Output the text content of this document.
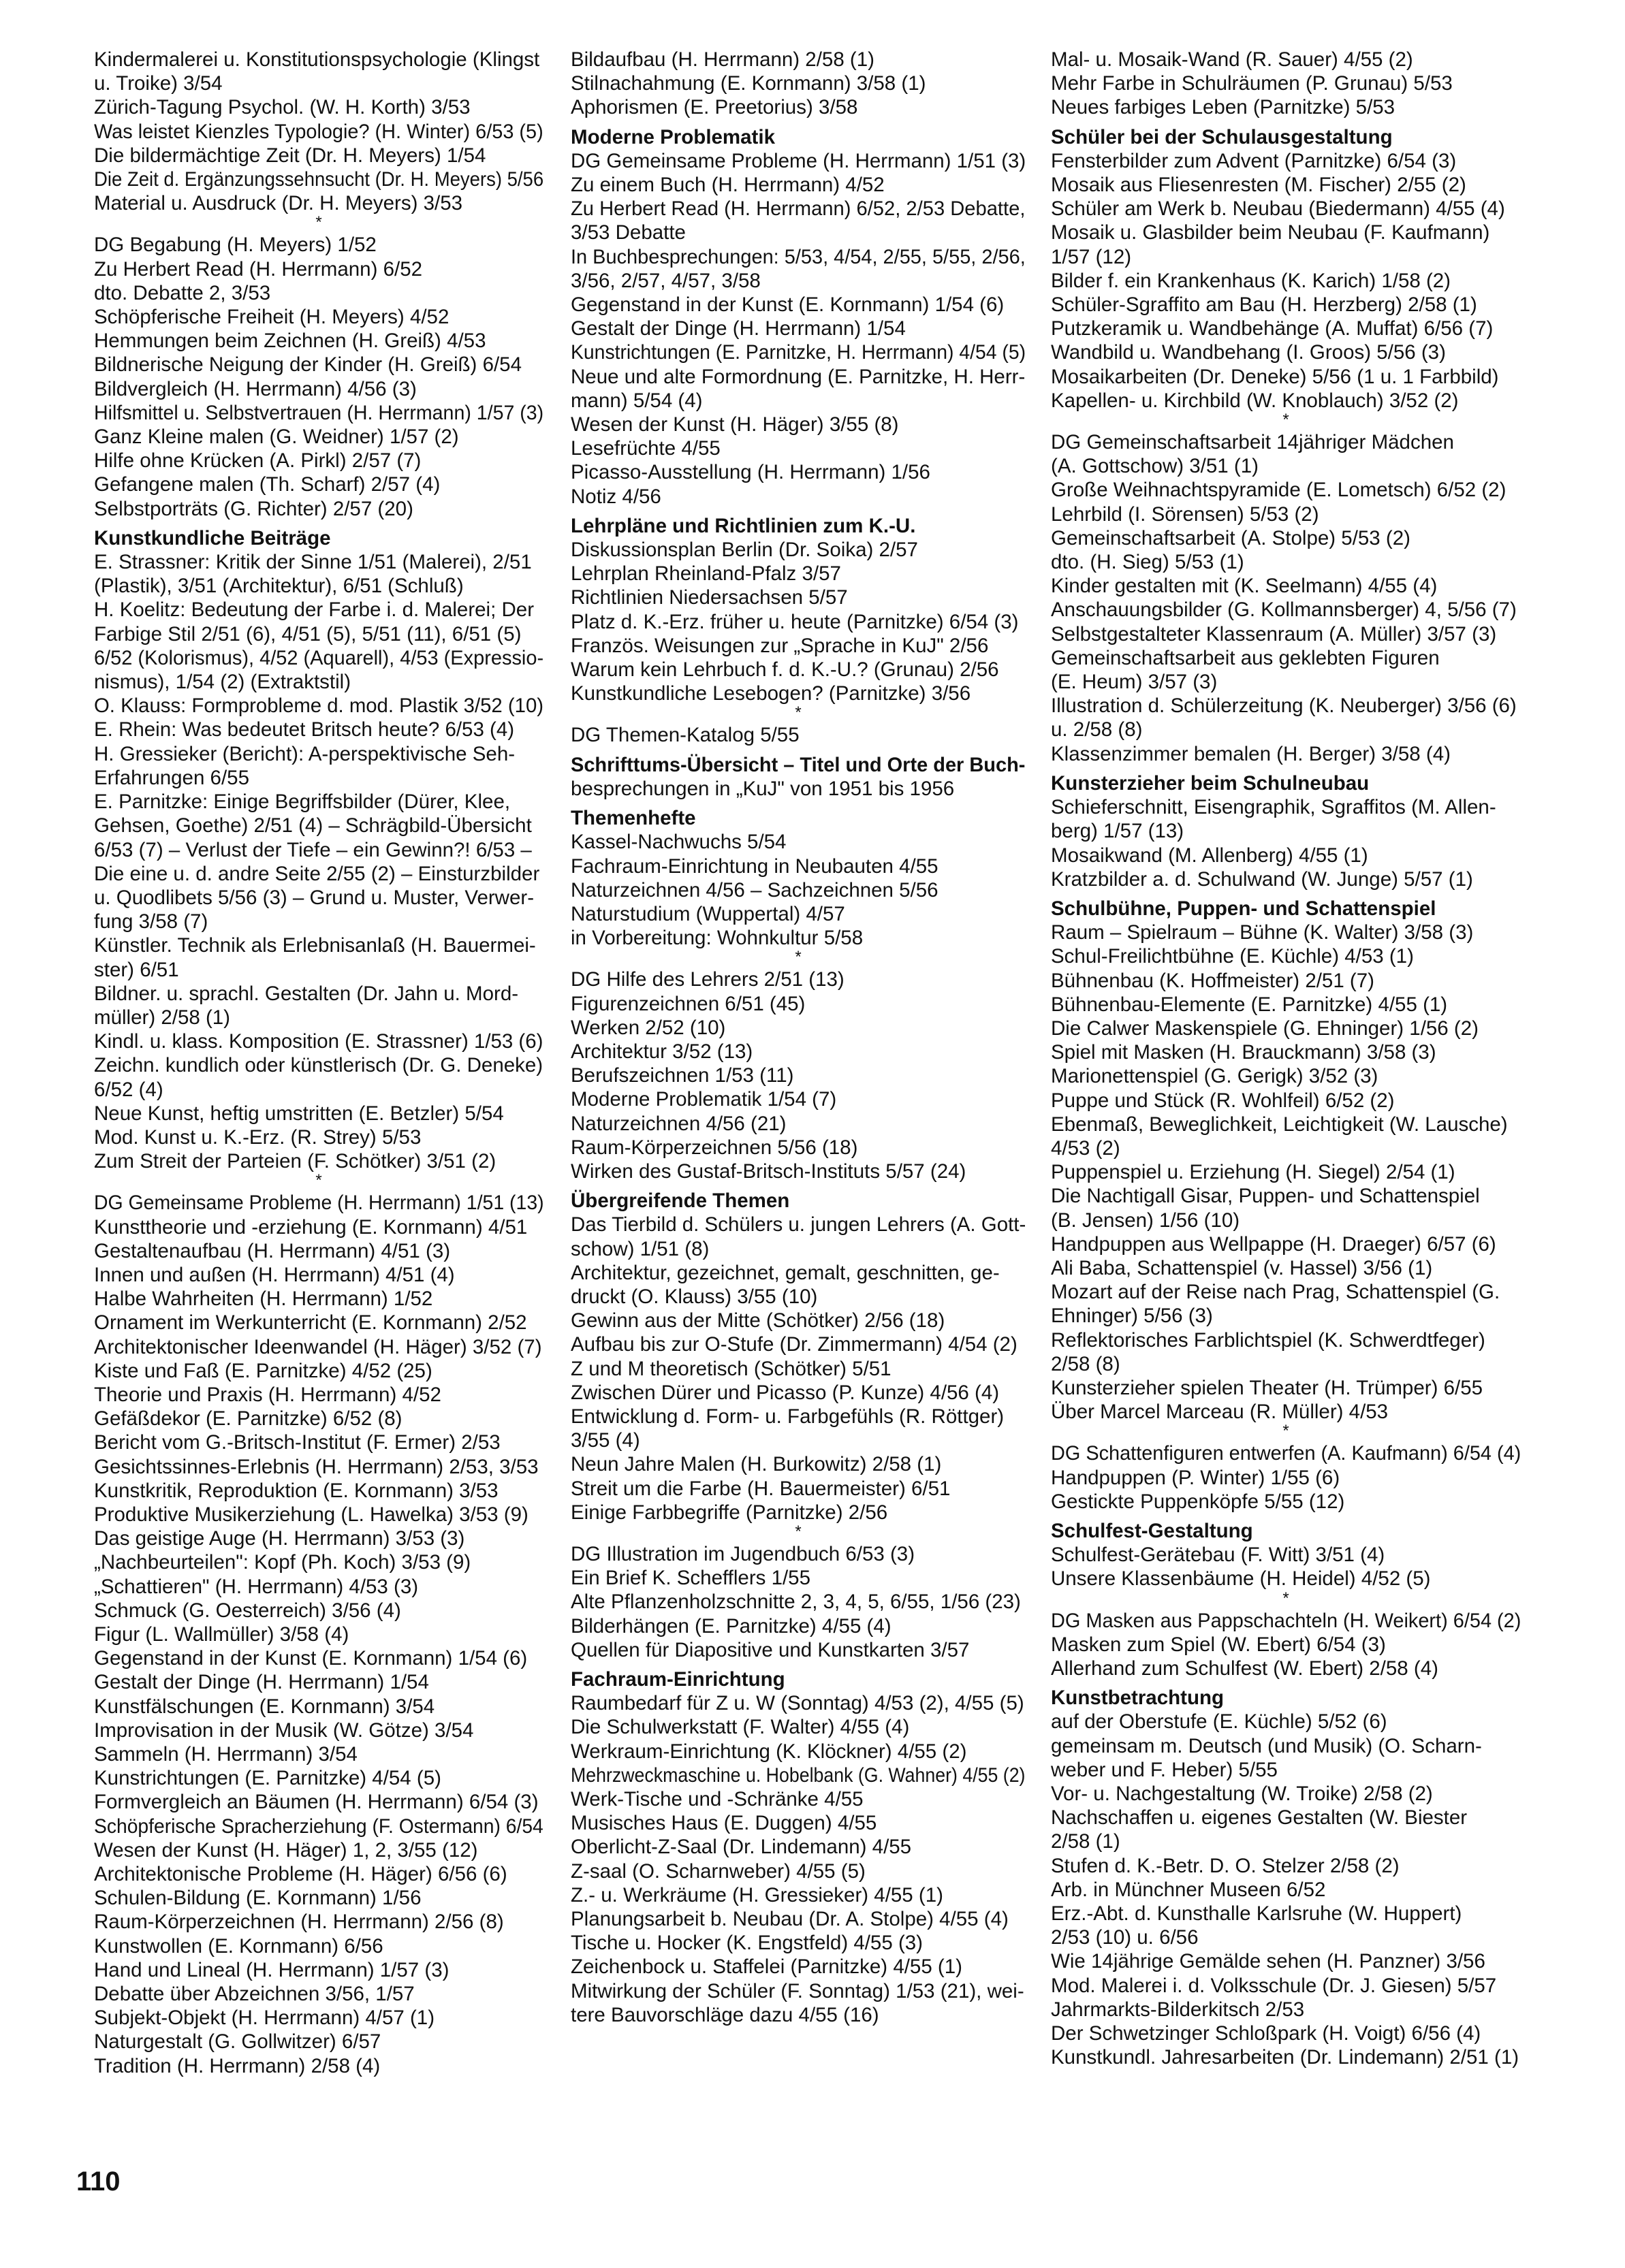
Kindermalerei u. Konstitutionspsychologie (Klingst
u. Troike) 3/54
Zürich-Tagung Psychol. (W. H. Korth) 3/53
Was leistet Kienzles Typologie? (H. Winter) 6/53 (5)
Die bildermächtige Zeit (Dr. H. Meyers) 1/54
Die Zeit d. Ergänzungssehnsucht (Dr. H. Meyers) 5/56
Material u. Ausdruck (Dr. H. Meyers) 3/53
*
DG Begabung (H. Meyers) 1/52
Zu Herbert Read (H. Herrmann) 6/52
dto. Debatte 2, 3/53
Schöpferische Freiheit (H. Meyers) 4/52
Hemmungen beim Zeichnen (H. Greiß) 4/53
Bildnerische Neigung der Kinder (H. Greiß) 6/54
Bildvergleich (H. Herrmann) 4/56 (3)
Hilfsmittel u. Selbstvertrauen (H. Herrmann) 1/57 (3)
Ganz Kleine malen (G. Weidner) 1/57 (2)
Hilfe ohne Krücken (A. Pirkl) 2/57 (7)
Gefangene malen (Th. Scharf) 2/57 (4)
Selbstporträts (G. Richter) 2/57 (20)
Kunstkundliche Beiträge
E. Strassner: Kritik der Sinne 1/51 (Malerei), 2/51
(Plastik), 3/51 (Architektur), 6/51 (Schluß)
H. Koelitz: Bedeutung der Farbe i. d. Malerei; Der
Farbige Stil 2/51 (6), 4/51 (5), 5/51 (11), 6/51 (5)
6/52 (Kolorismus), 4/52 (Aquarell), 4/53 (Expressio-
nismus), 1/54 (2) (Extraktstil)
O. Klauss: Formprobleme d. mod. Plastik 3/52 (10)
E. Rhein: Was bedeutet Britsch heute? 6/53 (4)
H. Gressieker (Bericht): A-perspektivische Seh-
Erfahrungen 6/55
E. Parnitzke: Einige Begriffsbilder (Dürer, Klee,
Gehsen, Goethe) 2/51 (4) – Schrägbild-Übersicht
6/53 (7) – Verlust der Tiefe – ein Gewinn?! 6/53 –
Die eine u. d. andre Seite 2/55 (2) – Einsturzbilder
u. Quodlibets 5/56 (3) – Grund u. Muster, Verwer-
fung 3/58 (7)
Künstler. Technik als Erlebnisanlaß (H. Bauermei-
ster) 6/51
Bildner. u. sprachl. Gestalten (Dr. Jahn u. Mord-
müller) 2/58 (1)
Kindl. u. klass. Komposition (E. Strassner) 1/53 (6)
Zeichn. kundlich oder künstlerisch (Dr. G. Deneke)
6/52 (4)
Neue Kunst, heftig umstritten (E. Betzler) 5/54
Mod. Kunst u. K.-Erz. (R. Strey) 5/53
Zum Streit der Parteien (F. Schötker) 3/51 (2)
*
DG Gemeinsame Probleme (H. Herrmann) 1/51 (13)
Kunsttheorie und -erziehung (E. Kornmann) 4/51
Gestaltenaufbau (H. Herrmann) 4/51 (3)
Innen und außen (H. Herrmann) 4/51 (4)
Halbe Wahrheiten (H. Herrmann) 1/52
Ornament im Werkunterricht (E. Kornmann) 2/52
Architektonischer Ideenwandel (H. Häger) 3/52 (7)
Kiste und Faß (E. Parnitzke) 4/52 (25)
Theorie und Praxis (H. Herrmann) 4/52
Gefäßdekor (E. Parnitzke) 6/52 (8)
Bericht vom G.-Britsch-Institut (F. Ermer) 2/53
Gesichtssinnes-Erlebnis (H. Herrmann) 2/53, 3/53
Kunstkritik, Reproduktion (E. Kornmann) 3/53
Produktive Musikerziehung (L. Hawelka) 3/53 (9)
Das geistige Auge (H. Herrmann) 3/53 (3)
„Nachbeurteilen": Kopf (Ph. Koch) 3/53 (9)
„Schattieren" (H. Herrmann) 4/53 (3)
Schmuck (G. Oesterreich) 3/56 (4)
Figur (L. Wallmüller) 3/58 (4)
Gegenstand in der Kunst (E. Kornmann) 1/54 (6)
Gestalt der Dinge (H. Herrmann) 1/54
Kunstfälschungen (E. Kornmann) 3/54
Improvisation in der Musik (W. Götze) 3/54
Sammeln (H. Herrmann) 3/54
Kunstrichtungen (E. Parnitzke) 4/54 (5)
Formvergleich an Bäumen (H. Herrmann) 6/54 (3)
Schöpferische Spracherziehung (F. Ostermann) 6/54
Wesen der Kunst (H. Häger) 1, 2, 3/55 (12)
Architektonische Probleme (H. Häger) 6/56 (6)
Schulen-Bildung (E. Kornmann) 1/56
Raum-Körperzeichnen (H. Herrmann) 2/56 (8)
Kunstwollen (E. Kornmann) 6/56
Hand und Lineal (H. Herrmann) 1/57 (3)
Debatte über Abzeichnen 3/56, 1/57
Subjekt-Objekt (H. Herrmann) 4/57 (1)
Naturgestalt (G. Gollwitzer) 6/57
Tradition (H. Herrmann) 2/58 (4)
Bildaufbau (H. Herrmann) 2/58 (1)
Stilnachahmung (E. Kornmann) 3/58 (1)
Aphorismen (E. Preetorius) 3/58
Moderne Problematik
DG Gemeinsame Probleme (H. Herrmann) 1/51 (3)
Zu einem Buch (H. Herrmann) 4/52
Zu Herbert Read (H. Herrmann) 6/52, 2/53 Debatte,
3/53 Debatte
In Buchbesprechungen: 5/53, 4/54, 2/55, 5/55, 2/56,
3/56, 2/57, 4/57, 3/58
Gegenstand in der Kunst (E. Kornmann) 1/54 (6)
Gestalt der Dinge (H. Herrmann) 1/54
Kunstrichtungen (E. Parnitzke, H. Herrmann) 4/54 (5)
Neue und alte Formordnung (E. Parnitzke, H. Herr-
mann) 5/54 (4)
Wesen der Kunst (H. Häger) 3/55 (8)
Lesefrüchte 4/55
Picasso-Ausstellung (H. Herrmann) 1/56
Notiz 4/56
Lehrpläne und Richtlinien zum K.-U.
Diskussionsplan Berlin (Dr. Soika) 2/57
Lehrplan Rheinland-Pfalz 3/57
Richtlinien Niedersachsen 5/57
Platz d. K.-Erz. früher u. heute (Parnitzke) 6/54 (3)
Französ. Weisungen zur „Sprache in KuJ" 2/56
Warum kein Lehrbuch f. d. K.-U.? (Grunau) 2/56
Kunstkundliche Lesebogen? (Parnitzke) 3/56
*
DG Themen-Katalog 5/55
Schrifttums-Übersicht – Titel und Orte der Buch-
besprechungen in „KuJ" von 1951 bis 1956
Themenhefte
Kassel-Nachwuchs 5/54
Fachraum-Einrichtung in Neubauten 4/55
Naturzeichnen 4/56 – Sachzeichnen 5/56
Naturstudium (Wuppertal) 4/57
in Vorbereitung: Wohnkultur 5/58
*
DG Hilfe des Lehrers 2/51 (13)
Figurenzeichnen 6/51 (45)
Werken 2/52 (10)
Architektur 3/52 (13)
Berufszeichnen 1/53 (11)
Moderne Problematik 1/54 (7)
Naturzeichnen 4/56 (21)
Raum-Körperzeichnen 5/56 (18)
Wirken des Gustaf-Britsch-Instituts 5/57 (24)
Übergreifende Themen
Das Tierbild d. Schülers u. jungen Lehrers (A. Gott-
schow) 1/51 (8)
Architektur, gezeichnet, gemalt, geschnitten, ge-
druckt (O. Klauss) 3/55 (10)
Gewinn aus der Mitte (Schötker) 2/56 (18)
Aufbau bis zur O-Stufe (Dr. Zimmermann) 4/54 (2)
Z und M theoretisch (Schötker) 5/51
Zwischen Dürer und Picasso (P. Kunze) 4/56 (4)
Entwicklung d. Form- u. Farbgefühls (R. Röttger)
3/55 (4)
Neun Jahre Malen (H. Burkowitz) 2/58 (1)
Streit um die Farbe (H. Bauermeister) 6/51
Einige Farbbegriffe (Parnitzke) 2/56
*
DG Illustration im Jugendbuch 6/53 (3)
Ein Brief K. Schefflers 1/55
Alte Pflanzenholzschnitte 2, 3, 4, 5, 6/55, 1/56 (23)
Bilderhängen (E. Parnitzke) 4/55 (4)
Quellen für Diapositive und Kunstkarten 3/57
Fachraum-Einrichtung
Raumbedarf für Z u. W (Sonntag) 4/53 (2), 4/55 (5)
Die Schulwerkstatt (F. Walter) 4/55 (4)
Werkraum-Einrichtung (K. Klöckner) 4/55 (2)
Mehrzweckmaschine u. Hobelbank (G. Wahner) 4/55 (2)
Werk-Tische und -Schränke 4/55
Musisches Haus (E. Duggen) 4/55
Oberlicht-Z-Saal (Dr. Lindemann) 4/55
Z-saal (O. Scharnweber) 4/55 (5)
Z.- u. Werkräume (H. Gressieker) 4/55 (1)
Planungsarbeit b. Neubau (Dr. A. Stolpe) 4/55 (4)
Tische u. Hocker (K. Engstfeld) 4/55 (3)
Zeichenbock u. Staffelei (Parnitzke) 4/55 (1)
Mitwirkung der Schüler (F. Sonntag) 1/53 (21), wei-
tere Bauvorschläge dazu 4/55 (16)
Mal- u. Mosaik-Wand (R. Sauer) 4/55 (2)
Mehr Farbe in Schulräumen (P. Grunau) 5/53
Neues farbiges Leben (Parnitzke) 5/53
Schüler bei der Schulausgestaltung
Fensterbilder zum Advent (Parnitzke) 6/54 (3)
Mosaik aus Fliesenresten (M. Fischer) 2/55 (2)
Schüler am Werk b. Neubau (Biedermann) 4/55 (4)
Mosaik u. Glasbilder beim Neubau (F. Kaufmann)
1/57 (12)
Bilder f. ein Krankenhaus (K. Karich) 1/58 (2)
Schüler-Sgraffito am Bau (H. Herzberg) 2/58 (1)
Putzkeramik u. Wandbehänge (A. Muffat) 6/56 (7)
Wandbild u. Wandbehang (I. Groos) 5/56 (3)
Mosaikarbeiten (Dr. Deneke) 5/56 (1 u. 1 Farbbild)
Kapellen- u. Kirchbild (W. Knoblauch) 3/52 (2)
*
DG Gemeinschaftsarbeit 14jähriger Mädchen
(A. Gottschow) 3/51 (1)
Große Weihnachtspyramide (E. Lometsch) 6/52 (2)
Lehrbild (I. Sörensen) 5/53 (2)
Gemeinschaftsarbeit (A. Stolpe) 5/53 (2)
dto. (H. Sieg) 5/53 (1)
Kinder gestalten mit (K. Seelmann) 4/55 (4)
Anschauungsbilder (G. Kollmannsberger) 4, 5/56 (7)
Selbstgestalteter Klassenraum (A. Müller) 3/57 (3)
Gemeinschaftsarbeit aus geklebten Figuren
(E. Heum) 3/57 (3)
Illustration d. Schülerzeitung (K. Neuberger) 3/56 (6)
u. 2/58 (8)
Klassenzimmer bemalen (H. Berger) 3/58 (4)
Kunsterzieher beim Schulneubau
Schieferschnitt, Eisengraphik, Sgraffitos (M. Allen-
berg) 1/57 (13)
Mosaikwand (M. Allenberg) 4/55 (1)
Kratzbilder a. d. Schulwand (W. Junge) 5/57 (1)
Schulbühne, Puppen- und Schattenspiel
Raum – Spielraum – Bühne (K. Walter) 3/58 (3)
Schul-Freilichtbühne (E. Küchle) 4/53 (1)
Bühnenbau (K. Hoffmeister) 2/51 (7)
Bühnenbau-Elemente (E. Parnitzke) 4/55 (1)
Die Calwer Maskenspiele (G. Ehninger) 1/56 (2)
Spiel mit Masken (H. Brauckmann) 3/58 (3)
Marionettenspiel (G. Gerigk) 3/52 (3)
Puppe und Stück (R. Wohlfeil) 6/52 (2)
Ebenmaß, Beweglichkeit, Leichtigkeit (W. Lausche)
4/53 (2)
Puppenspiel u. Erziehung (H. Siegel) 2/54 (1)
Die Nachtigall Gisar, Puppen- und Schattenspiel
(B. Jensen) 1/56 (10)
Handpuppen aus Wellpappe (H. Draeger) 6/57 (6)
Ali Baba, Schattenspiel (v. Hassel) 3/56 (1)
Mozart auf der Reise nach Prag, Schattenspiel (G.
Ehninger) 5/56 (3)
Reflektorisches Farblichtspiel (K. Schwerdtfeger)
2/58 (8)
Kunsterzieher spielen Theater (H. Trümper) 6/55
Über Marcel Marceau (R. Müller) 4/53
*
DG Schattenfiguren entwerfen (A. Kaufmann) 6/54 (4)
Handpuppen (P. Winter) 1/55 (6)
Gestickte Puppenköpfe 5/55 (12)
Schulfest-Gestaltung
Schulfest-Gerätebau (F. Witt) 3/51 (4)
Unsere Klassenbäume (H. Heidel) 4/52 (5)
*
DG Masken aus Pappschachteln (H. Weikert) 6/54 (2)
Masken zum Spiel (W. Ebert) 6/54 (3)
Allerhand zum Schulfest (W. Ebert) 2/58 (4)
Kunstbetrachtung
auf der Oberstufe (E. Küchle) 5/52 (6)
gemeinsam m. Deutsch (und Musik) (O. Scharn-
weber und F. Heber) 5/55
Vor- u. Nachgestaltung (W. Troike) 2/58 (2)
Nachschaffen u. eigenes Gestalten (W. Biester
2/58 (1)
Stufen d. K.-Betr. D. O. Stelzer 2/58 (2)
Arb. in Münchner Museen 6/52
Erz.-Abt. d. Kunsthalle Karlsruhe (W. Huppert)
2/53 (10) u. 6/56
Wie 14jährige Gemälde sehen (H. Panzner) 3/56
Mod. Malerei i. d. Volksschule (Dr. J. Giesen) 5/57
Jahrmarkts-Bilderkitsch 2/53
Der Schwetzinger Schloßpark (H. Voigt) 6/56 (4)
Kunstkundl. Jahresarbeiten (Dr. Lindemann) 2/51 (1)
110
